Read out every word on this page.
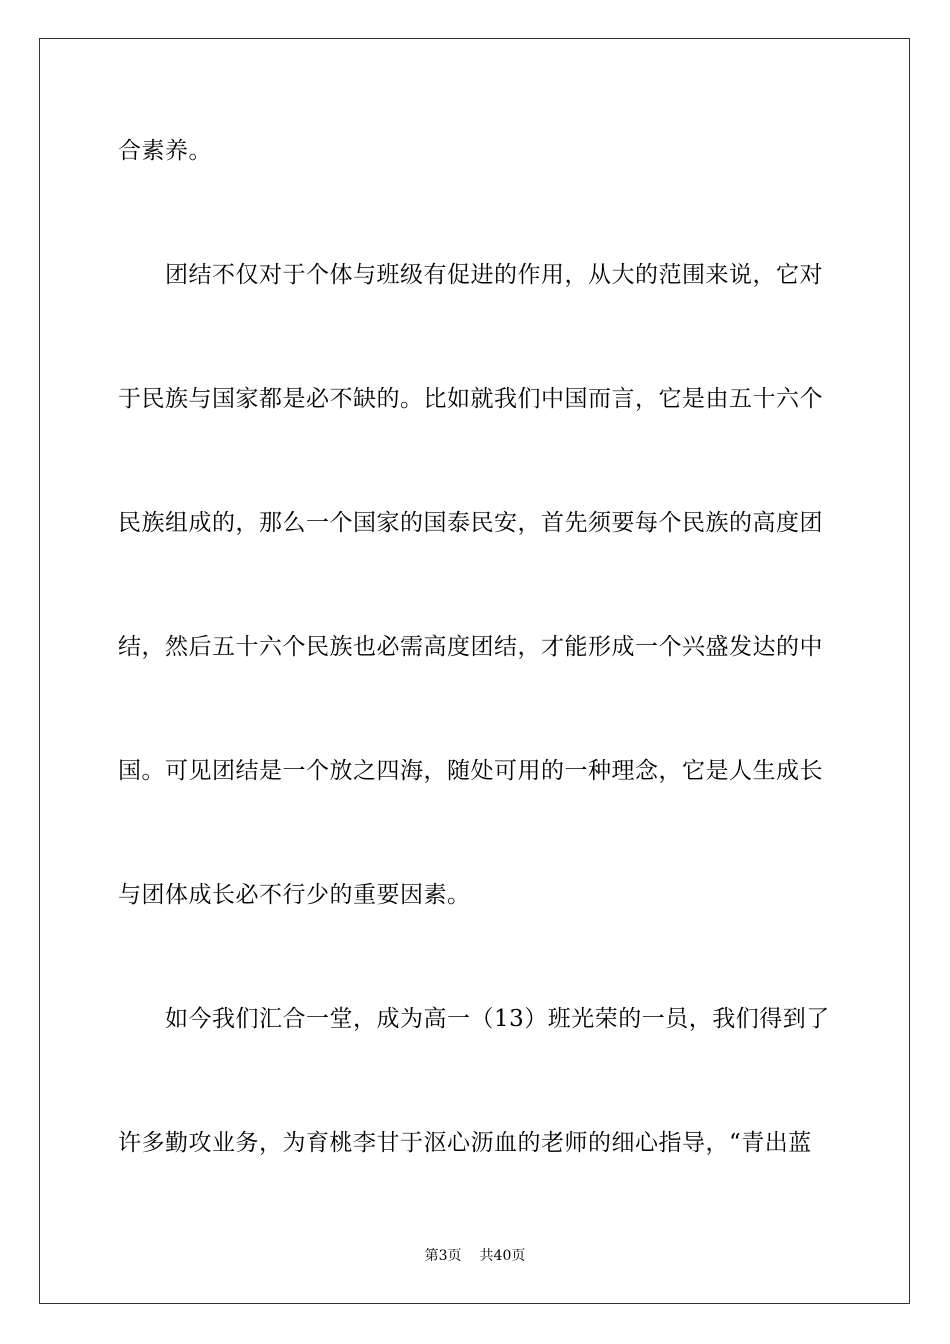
合素养。
　　团结不仅对于个体与班级有促进的作用，从大的范围来说，它对
于民族与国家都是必不缺的。比如就我们中国而言，它是由五十六个
民族组成的，那么一个国家的国泰民安，首先须要每个民族的高度团
结，然后五十六个民族也必需高度团结，才能形成一个兴盛发达的中
国。可见团结是一个放之四海，随处可用的一种理念，它是人生成长
与团体成长必不行少的重要因素。
　　如今我们汇合一堂，成为高一（13）班光荣的一员，我们得到了
许多勤攻业务，为育桃李甘于沤心沥血的老师的细心指导，“青出蓝
第3页 共40页
